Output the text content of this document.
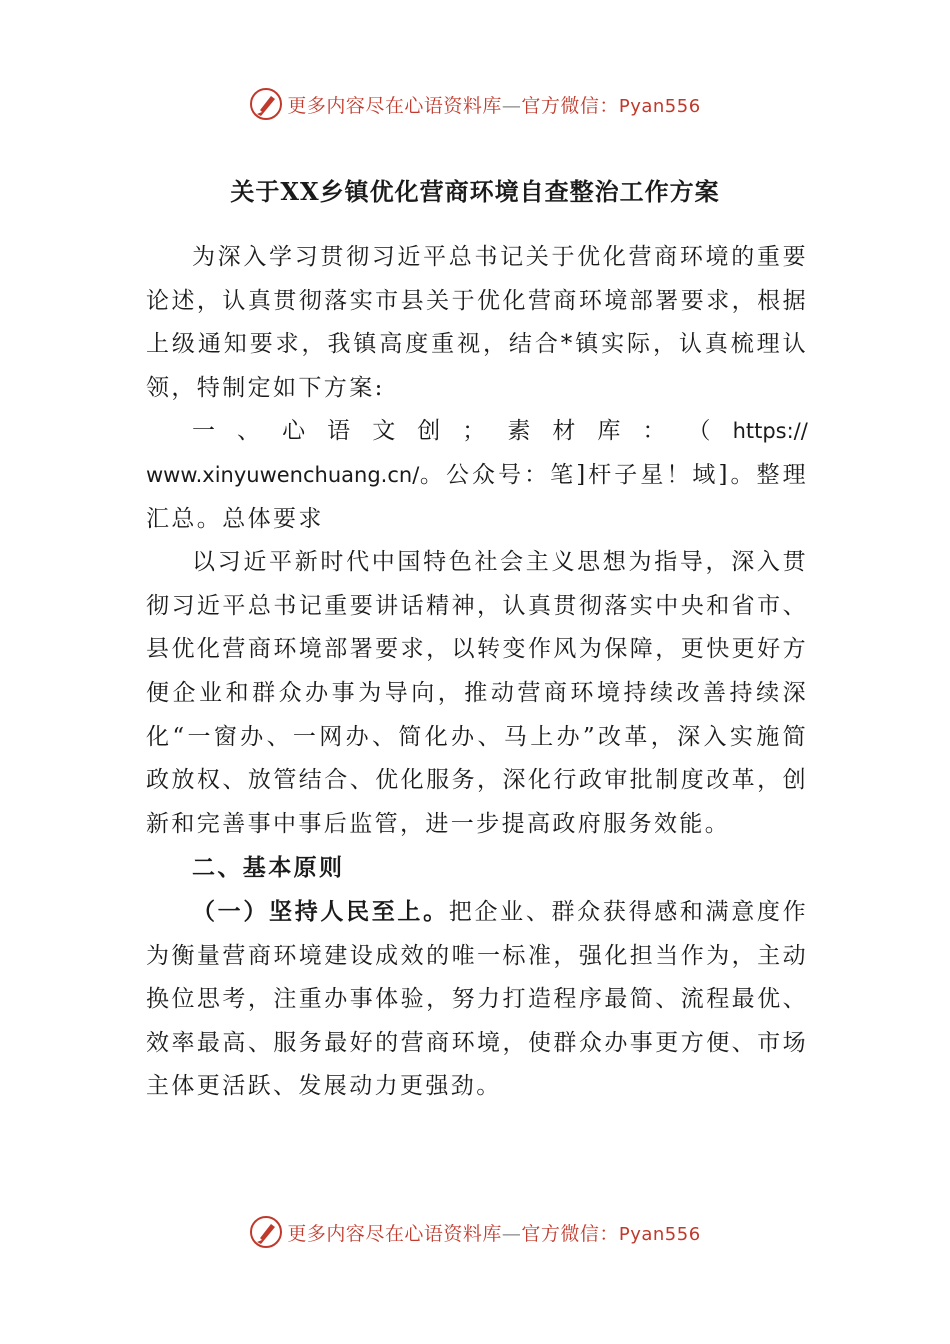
更多内容尽在心语资料库—官方微信：Pyan556
关于XX乡镇优化营商环境自查整治工作方案

为深入学习贯彻习近平总书记关于优化营商环境的重要论述，认真贯彻落实市县关于优化营商环境部署要求，根据上级通知要求，我镇高度重视，结合*镇实际，认真梳理认领，特制定如下方案:

一 、 心 语 文 创 ； 素 材 库 ： （ https://

www.xinyuwenchuang.cn/。公众号：笔]杆子星！域]。整理汇总。总体要求

以习近平新时代中国特色社会主义思想为指导，深入贯彻习近平总书记重要讲话精神，认真贯彻落实中央和省市、县优化营商环境部署要求，以转变作风为保障，更快更好方便企业和群众办事为导向，推动营商环境持续改善持续深化“一窗办、一网办、简化办、马上办”改革，深入实施简政放权、放管结合、优化服务，深化行政审批制度改革，创新和完善事中事后监管，进一步提高政府服务效能。

二、基本原则

（一）坚持人民至上。把企业、群众获得感和满意度作为衡量营商环境建设成效的唯一标准，强化担当作为，主动换位思考，注重办事体验，努力打造程序最简、流程最优、效率最高、服务最好的营商环境，使群众办事更方便、市场主体更活跃、发展动力更强劲。

更多内容尽在心语资料库—官方微信：Pyan556
